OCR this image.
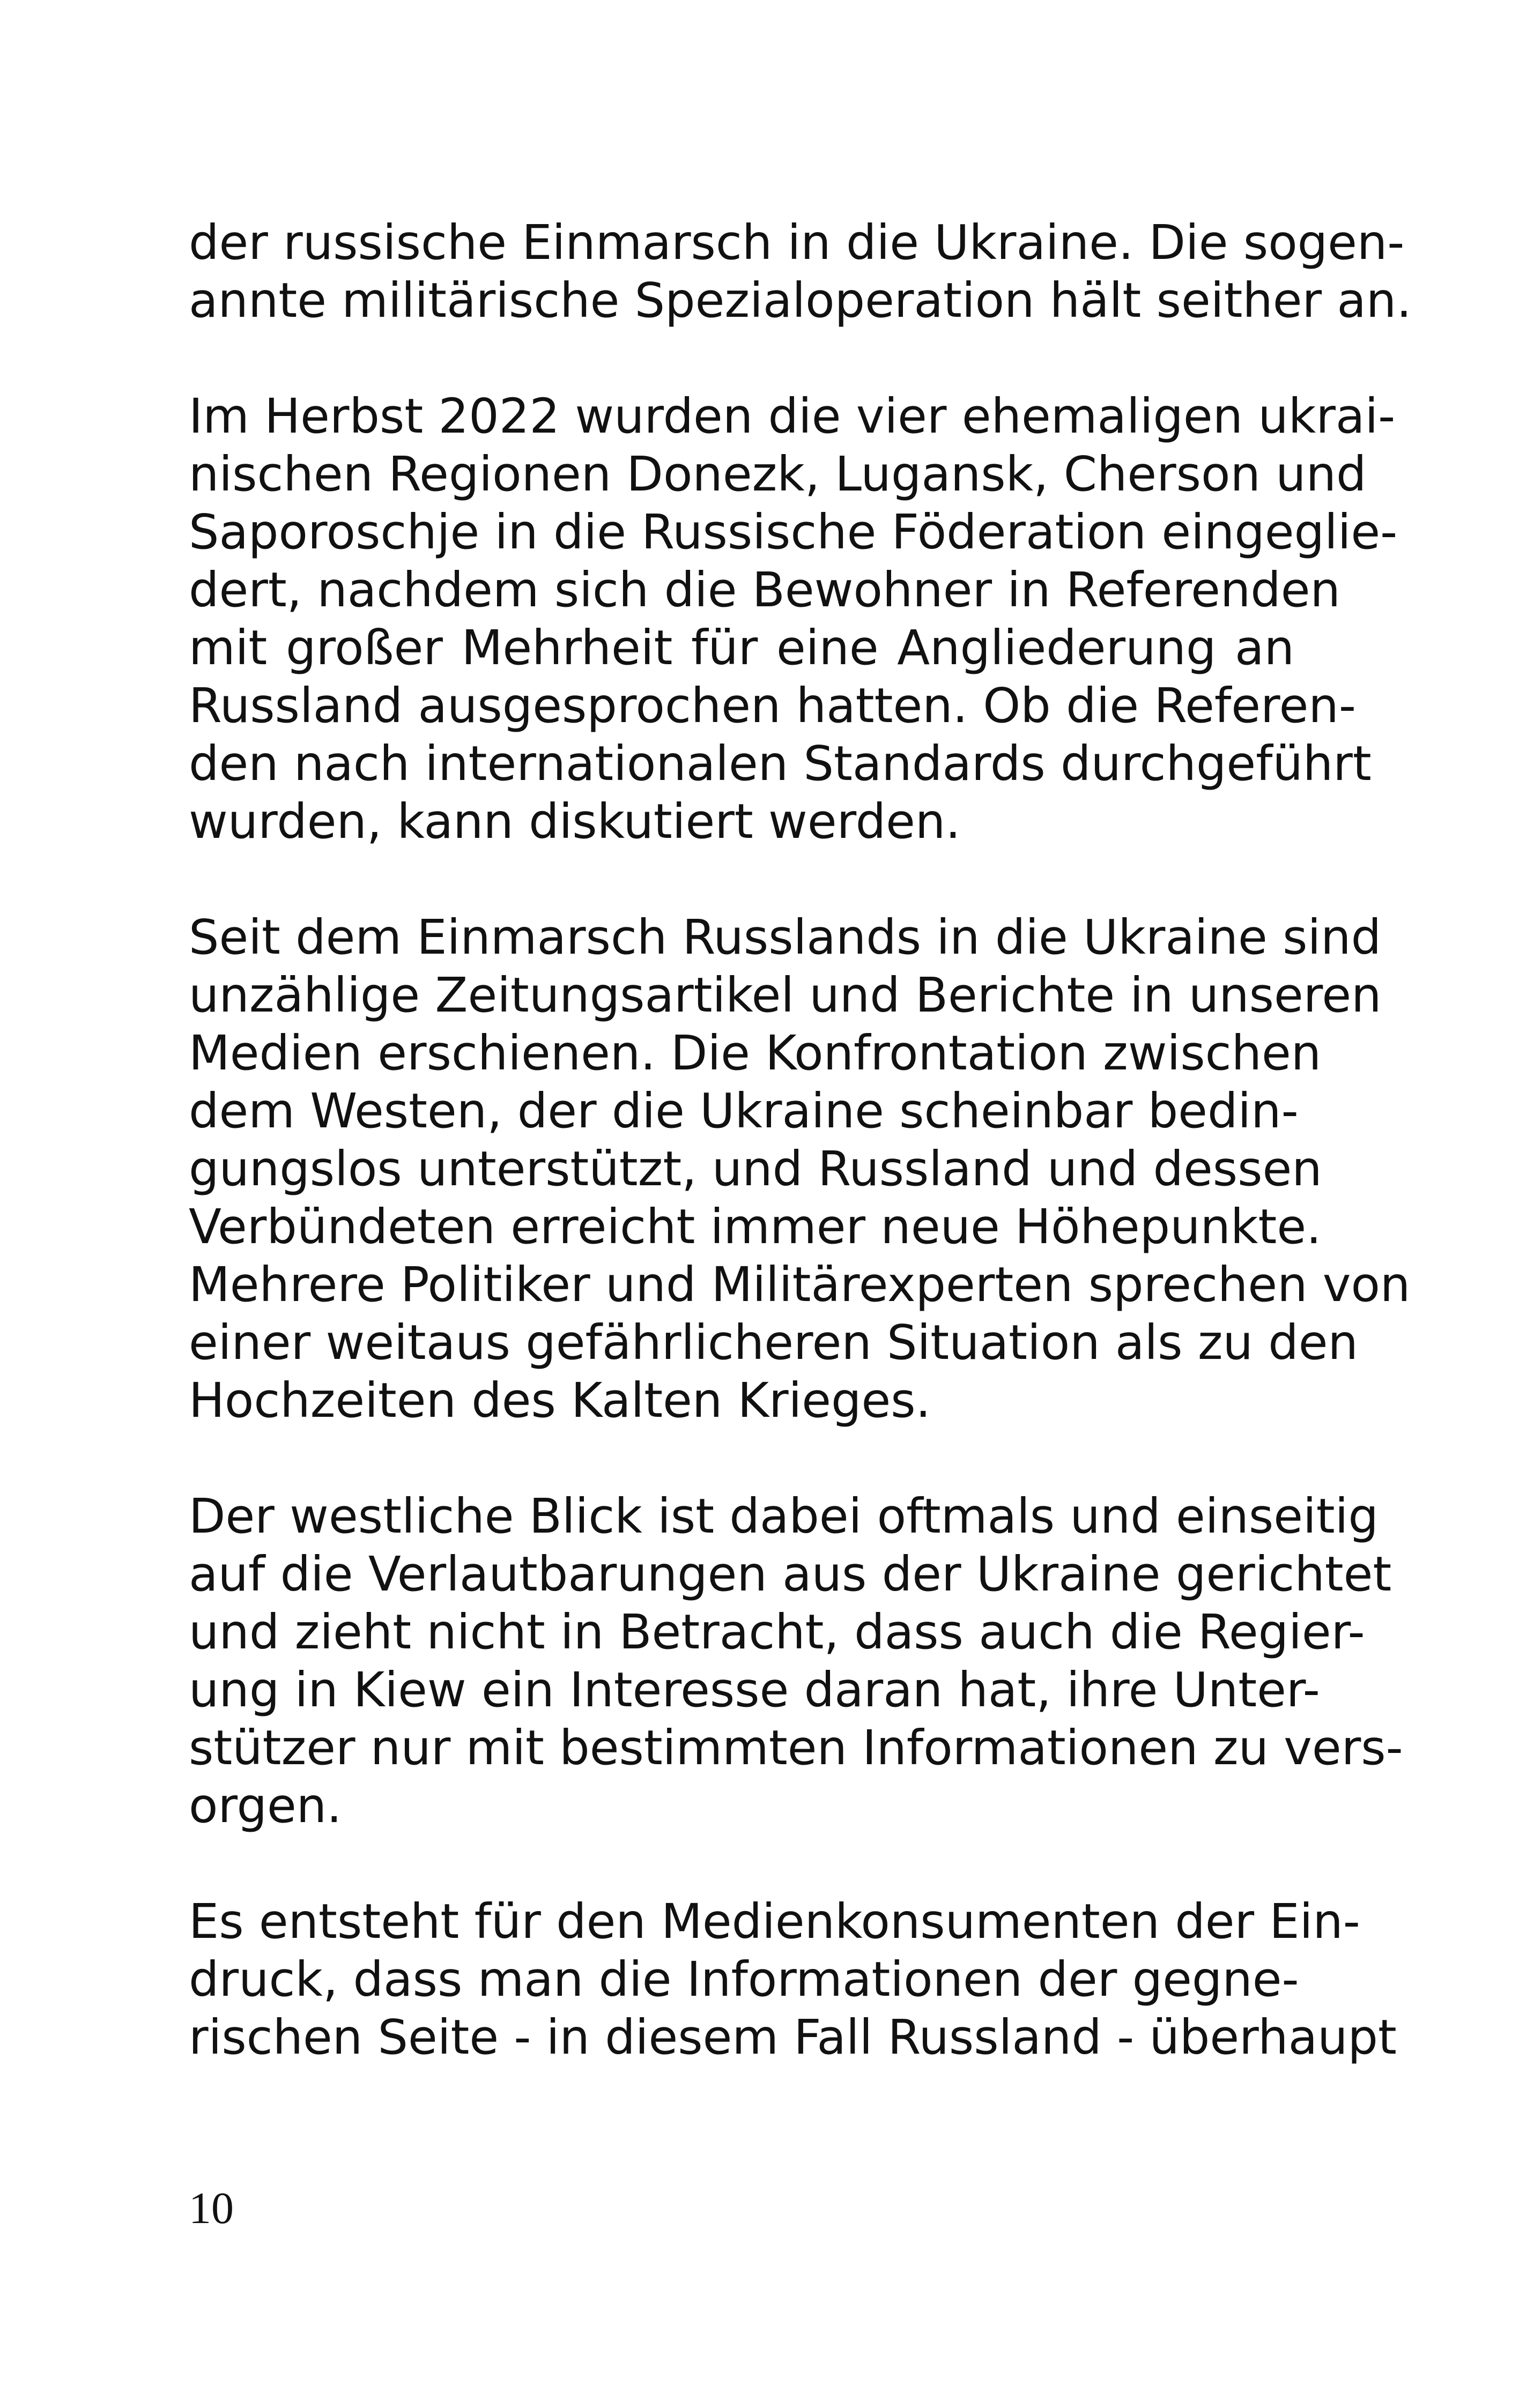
der russische Einmarsch in die Ukraine. Die sogen-
annte militärische Spezialoperation hält seither an.

Im Herbst 2022 wurden die vier ehemaligen ukrai-
nischen Regionen Donezk, Lugansk, Cherson und
Saporoschje in die Russische Föderation eingeglie-
dert, nachdem sich die Bewohner in Referenden
mit großer Mehrheit für eine Angliederung an
Russland ausgesprochen hatten. Ob die Referen-
den nach internationalen Standards durchgeführt
wurden, kann diskutiert werden.

Seit dem Einmarsch Russlands in die Ukraine sind
unzählige Zeitungsartikel und Berichte in unseren
Medien erschienen. Die Konfrontation zwischen
dem Westen, der die Ukraine scheinbar bedin-
gungslos unterstützt, und Russland und dessen
Verbündeten erreicht immer neue Höhepunkte.
Mehrere Politiker und Militärexperten sprechen von
einer weitaus gefährlicheren Situation als zu den
Hochzeiten des Kalten Krieges.

Der westliche Blick ist dabei oftmals und einseitig
auf die Verlautbarungen aus der Ukraine gerichtet
und zieht nicht in Betracht, dass auch die Regier-
ung in Kiew ein Interesse daran hat, ihre Unter-
stützer nur mit bestimmten Informationen zu vers-
orgen.

Es entsteht für den Medienkonsumenten der Ein-
druck, dass man die Informationen der gegne-
rischen Seite - in diesem Fall Russland - überhaupt

10
